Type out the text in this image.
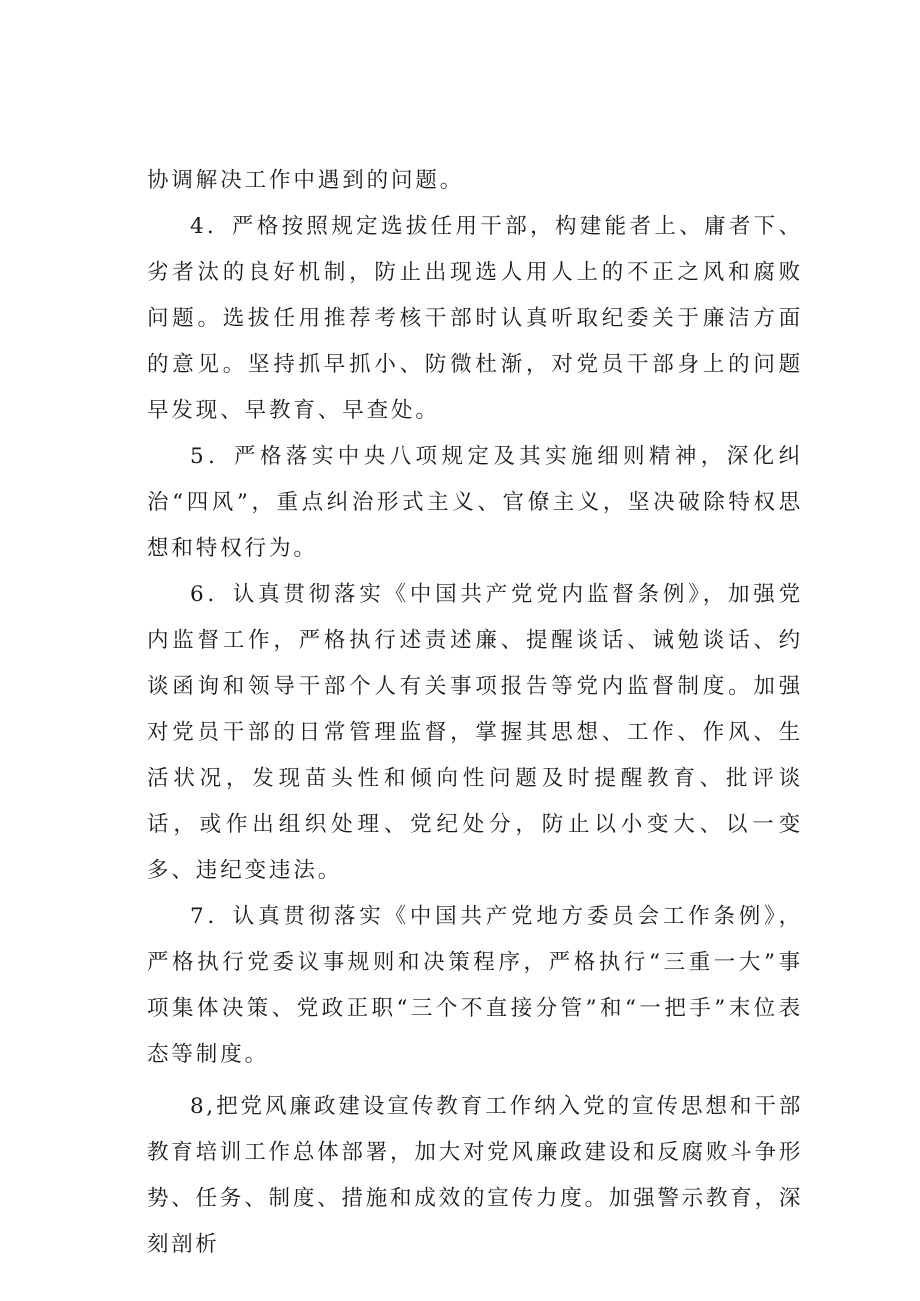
协调解决工作中遇到的问题。

4．严格按照规定选拔任用干部，构建能者上、庸者下、劣者汰的良好机制，防止出现选人用人上的不正之风和腐败问题。选拔任用推荐考核干部时认真听取纪委关于廉洁方面的意见。坚持抓早抓小、防微杜渐，对党员干部身上的问题早发现、早教育、早查处。

5．严格落实中央八项规定及其实施细则精神，深化纠治“四风”，重点纠治形式主义、官僚主义，坚决破除特权思想和特权行为。

6．认真贯彻落实《中国共产党党内监督条例》，加强党内监督工作，严格执行述责述廉、提醒谈话、诫勉谈话、约谈函询和领导干部个人有关事项报告等党内监督制度。加强对党员干部的日常管理监督，掌握其思想、工作、作风、生活状况，发现苗头性和倾向性问题及时提醒教育、批评谈话，或作出组织处理、党纪处分，防止以小变大、以一变多、违纪变违法。

7．认真贯彻落实《中国共产党地方委员会工作条例》，严格执行党委议事规则和决策程序，严格执行“三重一大”事项集体决策、党政正职“三个不直接分管”和“一把手”末位表态等制度。

8,把党风廉政建设宣传教育工作纳入党的宣传思想和干部教育培训工作总体部署，加大对党风廉政建设和反腐败斗争形势、任务、制度、措施和成效的宣传力度。加强警示教育，深刻剖析
